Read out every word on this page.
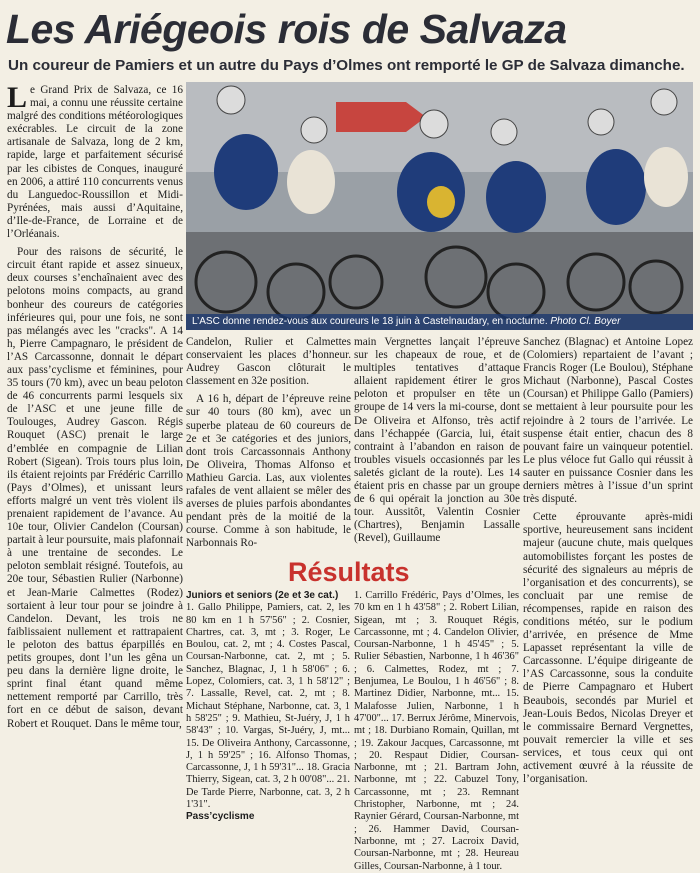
Les Ariégeois rois de Salvaza
Un coureur de Pamiers et un autre du Pays d’Olmes ont remporté le GP de Salvaza dimanche.

Le Grand Prix de Salvaza, ce 16 mai, a connu une réussite certaine malgré des conditions météorologiques exécrables. Le circuit de la zone artisanale de Salvaza, long de 2 km, rapide, large et parfaitement sécurisé par les cibistes de Conques, inauguré en 2006, a attiré 110 concurrents venus du Languedoc-Roussillon et Midi-Pyrénées, mais aussi d’Aquitaine, d’Ile-de-France, de Lorraine et de l’Orléanais.

Pour des raisons de sécurité, le circuit étant rapide et assez sinueux, deux courses s’enchaînaient avec des pelotons moins compacts, au grand bonheur des coureurs de catégories inférieures qui, pour une fois, ne sont pas mélangés avec les "cracks". A 14 h, Pierre Campagnaro, le président de l’AS Carcassonne, donnait le départ aux pass’cyclisme et féminines, pour 35 tours (70 km), avec un beau peloton de 46 concurrents parmi lesquels six de l’ASC et une jeune fille de Toulouges, Audrey Gascon. Régis Rouquet (ASC) prenait le large d’emblée en compagnie de Lilian Robert (Sigean). Trois tours plus loin, ils étaient rejoints par Frédéric Carrillo (Pays d’Olmes), et unissant leurs efforts malgré un vent très violent ils prenaient rapidement de l’avance. Au 10e tour, Olivier Candelon (Coursan) partait à leur poursuite, mais plafonnait à une trentaine de secondes. Le peloton semblait résigné. Toutefois, au 20e tour, Sébastien Rulier (Narbonne) et Jean-Marie Calmettes (Rodez) sortaient à leur tour pour se joindre à Candelon. Devant, les trois ne faiblissaient nullement et rattrapaient le peloton des battus éparpillés en petits groupes, dont l’un les gêna un peu dans la dernière ligne droite, le sprint final étant quand même nettement remporté par Carrillo, très fort en ce début de saison, devant Robert et Rouquet. Dans le même tour,

L’ASC donne rendez-vous aux coureurs le 18 juin à Castelnaudary, en nocturne. Photo Cl. Boyer

Candelon, Rulier et Calmettes conservaient les places d’honneur. Audrey Gascon clôturait le classement en 32e position.

A 16 h, départ de l’épreuve reine sur 40 tours (80 km), avec un superbe plateau de 60 coureurs de 2e et 3e catégories et des juniors, dont trois Carcassonnais Anthony De Oliveira, Thomas Alfonso et Mathieu Garcia. Las, aux violentes rafales de vent allaient se mêler des averses de pluies parfois abondantes pendant près de la moitié de la course. Comme à son habitude, le Narbonnais Ro-

main Vergnettes lançait l’épreuve sur les chapeaux de roue, et de multiples tentatives d’attaque allaient rapidement étirer le gros peloton et propulser en tête un groupe de 14 vers la mi-course, dont De Oliveira et Alfonso, très actif dans l’échappée (Garcia, lui, était contraint à l’abandon en raison de troubles visuels occasionnés par les saletés giclant de la route). Les 14 étaient pris en chasse par un groupe de 6 qui opérait la jonction au 30e tour. Aussitôt, Valentin Cosnier (Chartres), Benjamin Lassalle (Revel), Guillaume

Sanchez (Blagnac) et Antoine Lopez (Colomiers) repartaient de l’avant ; Francis Roger (Le Boulou), Stéphane Michaut (Narbonne), Pascal Costes (Coursan) et Philippe Gallo (Pamiers) se mettaient à leur poursuite pour les rejoindre à 2 tours de l’arrivée. Le suspense était entier, chacun des 8 pouvant faire un vainqueur potentiel. Le plus véloce fut Gallo qui réussit à sauter en puissance Cosnier dans les derniers mètres à l’issue d’un sprint très disputé.

Cette éprouvante après-midi sportive, heureusement sans incident majeur (aucune chute, mais quelques automobilistes forçant les postes de sécurité des signaleurs au mépris de l’organisation et des concurrents), se concluait par une remise de récompenses, rapide en raison des conditions météo, sur le podium d’arrivée, en présence de Mme Lapasset représentant la ville de Carcassonne. L’équipe dirigeante de l’AS Carcassonne, sous la conduite de Pierre Campagnaro et Hubert Beaubois, secondés par Muriel et Jean-Louis Bedos, Nicolas Dreyer et le commissaire Bernard Vergnettes, pouvait remercier la ville et ses services, et tous ceux qui ont activement œuvré à la réussite de l’organisation.

Résultats

Juniors et seniors (2e et 3e cat.)

1. Gallo Philippe, Pamiers, cat. 2, les 80 km en 1 h 57'56" ; 2. Cosnier, Chartres, cat. 3, mt ; 3. Roger, Le Boulou, cat. 2, mt ; 4. Costes Pascal, Coursan-Narbonne, cat. 2, mt ; 5. Sanchez, Blagnac, J, 1 h 58'06" ; 6. Lopez, Colomiers, cat. 3, 1 h 58'12" ; 7. Lassalle, Revel, cat. 2, mt ; 8. Michaut Stéphane, Narbonne, cat. 3, 1 h 58'25" ; 9. Mathieu, St-Juéry, J, 1 h 58'43" ; 10. Vargas, St-Juéry, J, mt... 15. De Oliveira Anthony, Carcassonne, J, 1 h 59'25" ; 16. Alfonso Thomas, Carcassonne, J, 1 h 59'31"... 18. Gracia Thierry, Sigean, cat. 3, 2 h 00'08"... 21. De Tarde Pierre, Narbonne, cat. 3, 2 h 1'31".

Pass’cyclisme

1. Carrillo Frédéric, Pays d’Olmes, les 70 km en 1 h 43'58" ; 2. Robert Lilian, Sigean, mt ; 3. Rouquet Régis, Carcassonne, mt ; 4. Candelon Olivier, Coursan-Narbonne, 1 h 45'45" ; 5. Rulier Sébastien, Narbonne, 1 h 46'36" ; 6. Calmettes, Rodez, mt ; 7. Benjumea, Le Boulou, 1 h 46'56" ; 8. Martinez Didier, Narbonne, mt... 15. Malafosse Julien, Narbonne, 1 h 47'00"... 17. Berrux Jérôme, Minervois, mt ; 18. Durbiano Romain, Quillan, mt ; 19. Zakour Jacques, Carcassonne, mt ; 20. Respaut Didier, Coursan-Narbonne, mt ; 21. Bartram John, Narbonne, mt ; 22. Cabuzel Tony, Carcassonne, mt ; 23. Remnant Christopher, Narbonne, mt ; 24. Raynier Gérard, Coursan-Narbonne, mt ; 26. Hammer David, Coursan-Narbonne, mt ; 27. Lacroix David, Coursan-Narbonne, mt ; 28. Heureau Gilles, Coursan-Narbonne, à 1 tour.
